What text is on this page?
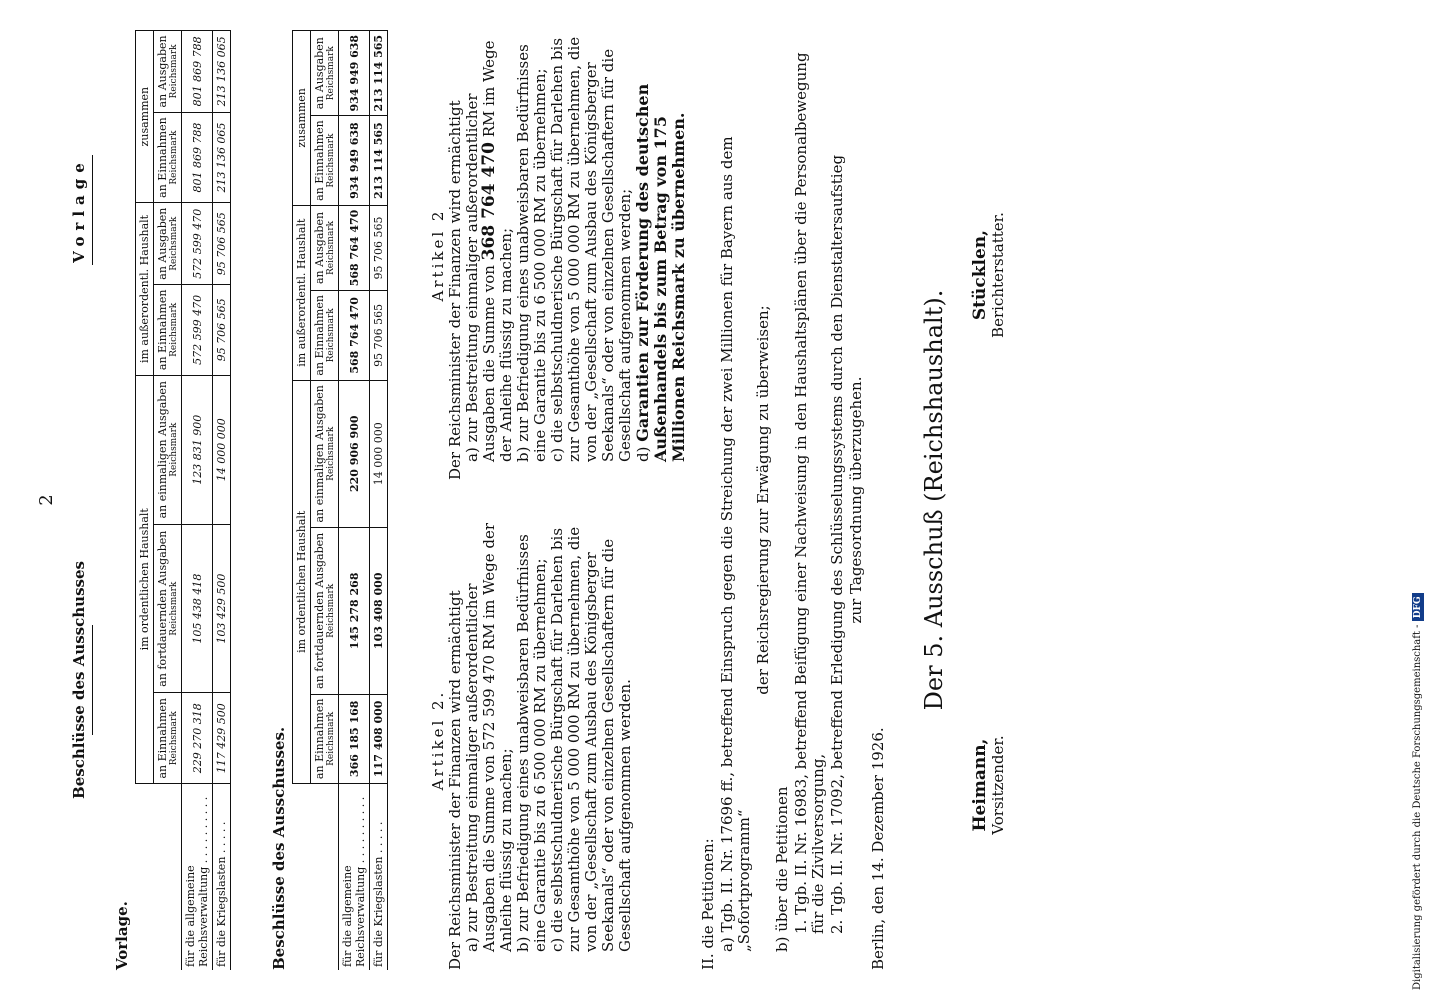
2
Vorlage
Beschlüsse des Ausschusses
Vorlage.
	im ordentlichen Haushalt			im außerordentl. Haushalt		zusammen	
	an Einnahmen Reichsmark	an fortdauernden Ausgaben Reichsmark	an einmaligen Ausgaben Reichsmark	an Einnahmen Reichsmark	an Ausgaben Reichsmark	an Einnahmen Reichsmark	an Ausgaben Reichsmark

für die allgemeine Reichsverwaltung . . . . . . . . . .	229 270 318	105 438 418	123 831 900	572 599 470	572 599 470	801 869 788	801 869 788
für die Kriegslasten . . . . .	117 429 500	103 429 500	14 000 000	95 706 565	95 706 565	213 136 065	213 136 065
Beschlüsse des Ausschusses.
	im ordentlichen Haushalt			im außerordentl. Haushalt		zusammen	
	an Einnahmen Reichsmark	an fortdauernden Ausgaben Reichsmark	an einmaligen Ausgaben Reichsmark	an Einnahmen Reichsmark	an Ausgaben Reichsmark	an Einnahmen Reichsmark	an Ausgaben Reichsmark

für die allgemeine Reichsverwaltung . . . . . . . . . .	366 185 168	145 278 268	220 906 900	568 764 470	568 764 470	934 949 638	934 949 638
für die Kriegslasten . . . . .	117 408 000	103 408 000	14 000 000	95 706 565	95 706 565	213 114 565	213 114 565

Artikel 2. Der Reichsminister der Finanzen wird ermächtigt a) zur Bestreitung einmaliger außerordentlicher Ausgaben die Summe von 572 599 470 RM im Wege der Anleihe flüssig zu machen; b) zur Befriedigung eines unabweisbaren Bedürfnisses eine Garantie bis zu 6 500 000 RM zu übernehmen; c) die selbstschuldnerische Bürgschaft für Darlehen bis zur Gesamthöhe von 5 000 000 RM zu übernehmen, die von der „Gesellschaft zum Ausbau des Königsberger Seekanals“ oder von einzelnen Gesellschaftern für die Gesellschaft aufgenommen werden.

Artikel 2 Der Reichsminister der Finanzen wird ermächtigt a) zur Bestreitung einmaliger außerordentlicher Ausgaben die Summe von 368 764 470 RM im Wege der Anleihe flüssig zu machen; b) zur Befriedigung eines unabweisbaren Bedürfnisses eine Garantie bis zu 6 500 000 RM zu übernehmen; c) die selbstschuldnerische Bürgschaft für Darlehen bis zur Gesamthöhe von 5 000 000 RM zu übernehmen, die von der „Gesellschaft zum Ausbau des Königsberger Seekanals“ oder von einzelnen Gesellschaftern für die Gesellschaft aufgenommen werden; d) Garantien zur Förderung des deutschen Außenhandels bis zum Betrag von 175 Millionen Reichsmark zu übernehmen.

II. die Petitionen: a) Tgb. II. Nr. 17696 ff., betreffend Einspruch gegen die Streichung der zwei Millionen für Bayern aus dem „Sofortprogramm“

der Reichsregierung zur Erwägung zu überweisen;

b) über die Petitionen 1. Tgb. II. Nr. 16983, betreffend Beifügung einer Nachweisung in den Haushaltsplänen über die Personalbewegung für die Zivilversorgung, 2. Tgb. II. Nr. 17092, betreffend Erledigung des Schlüsselungssystems durch den Dienstaltersaufstieg zur Tagesordnung überzugehen.

Berlin, den 14. Dezember 1926.
Der 5. Ausschuß (Reichshaushalt).
Heimann, Vorsitzender.
Stücklen, Berichterstatter.
Digitalisierung gefördert durch die Deutsche Forschungsgemeinschaft - DFG
